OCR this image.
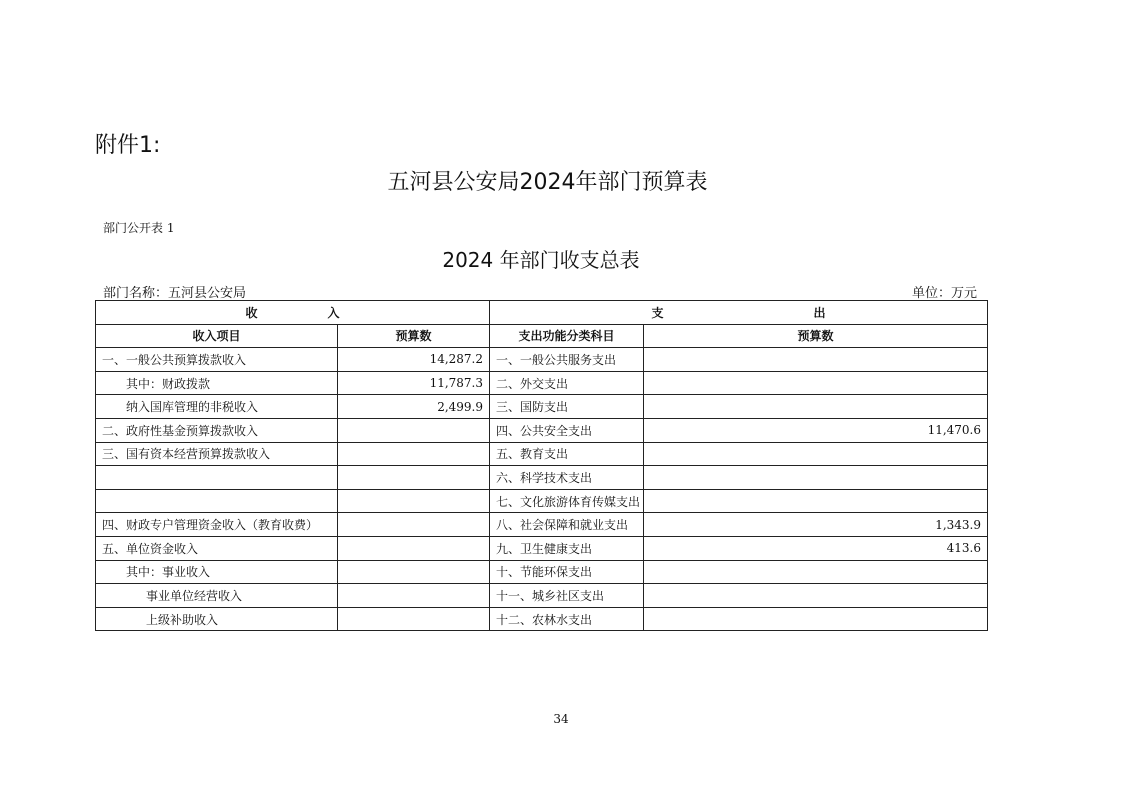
附件1:
五河县公安局2024年部门预算表
部门公开表 1
2024 年部门收支总表
部门名称：五河县公安局	单位：万元
收 入		支 出	
收入项目	预算数	支出功能分类科目	预算数
一、一般公共预算拨款收入	14,287.2	一、一般公共服务支出	
其中：财政拨款	11,787.3	二、外交支出	
纳入国库管理的非税收入	2,499.9	三、国防支出	
二、政府性基金预算拨款收入		四、公共安全支出	11,470.6
三、国有资本经营预算拨款收入		五、教育支出	
		六、科学技术支出	
		七、文化旅游体育传媒支出	
四、财政专户管理资金收入（教育收费）		八、社会保障和就业支出	1,343.9
五、单位资金收入		九、卫生健康支出	413.6
其中：事业收入		十、节能环保支出	
事业单位经营收入		十一、城乡社区支出	
上级补助收入		十二、农林水支出	
34
